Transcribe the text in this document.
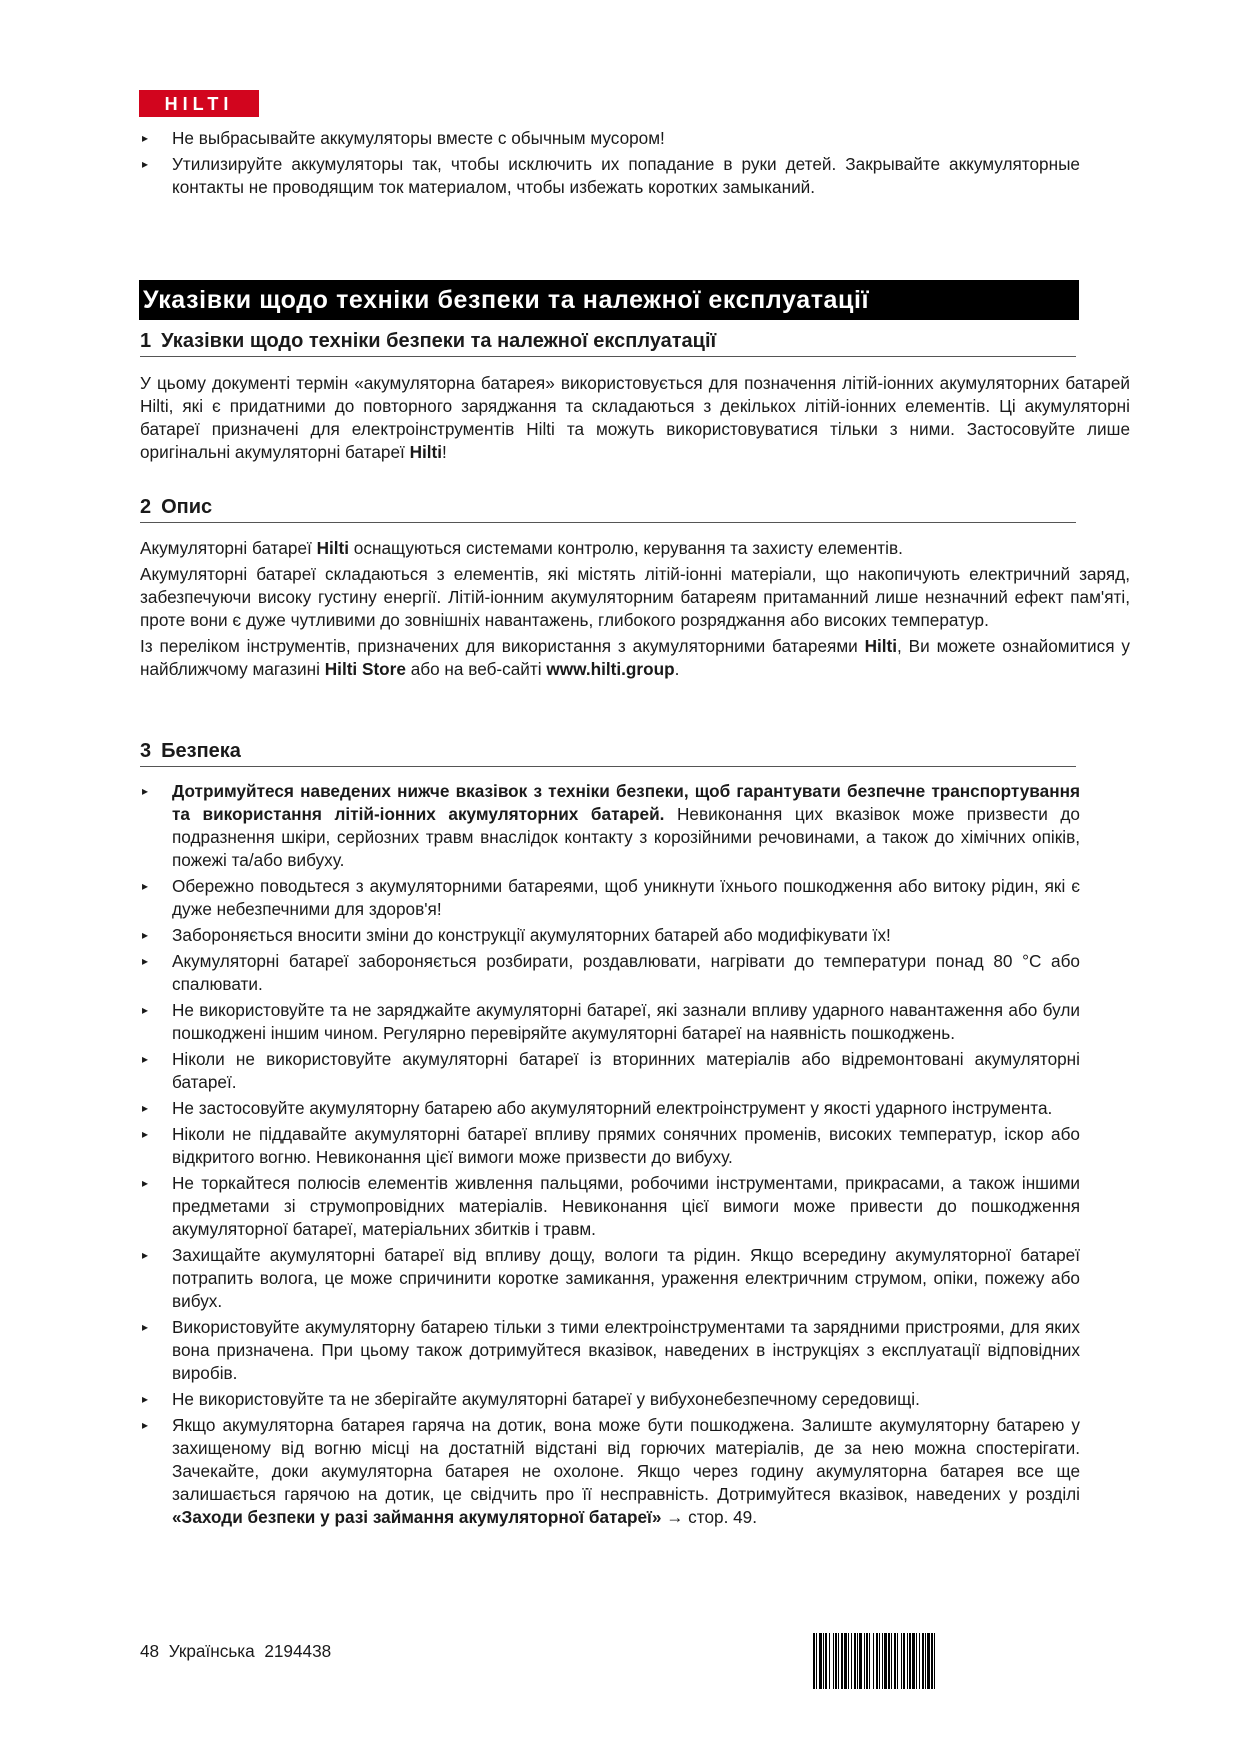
HILTI
▸ Не выбрасывайте аккумуляторы вместе с обычным мусором!
▸ Утилизируйте аккумуляторы так, чтобы исключить их попадание в руки детей. Закрывайте аккумуляторные контакты не проводящим ток материалом, чтобы избежать коротких замыканий.
Указівки щодо техніки безпеки та належної експлуатації
1 Указівки щодо техніки безпеки та належної експлуатації

У цьому документі термін «акумуляторна батарея» використовується для позначення літій-іонних акумуляторних батарей Hilti, які є придатними до повторного заряджання та складаються з декількох літій-іонних елементів. Ці акумуляторні батареї призначені для електроінструментів Hilti та можуть використовуватися тільки з ними. Застосовуйте лише оригінальні акумуляторні батареї Hilti!

2 Опис

Акумуляторні батареї Hilti оснащуються системами контролю, керування та захисту елементів.

Акумуляторні батареї складаються з елементів, які містять літій-іонні матеріали, що накопичують електричний заряд, забезпечуючи високу густину енергії. Літій-іонним акумуляторним батареям притаманний лише незначний ефект пам'яті, проте вони є дуже чутливими до зовнішніх навантажень, глибокого розряджання або високих температур.

Із переліком інструментів, призначених для використання з акумуляторними батареями Hilti, Ви можете ознайомитися у найближчому магазині Hilti Store або на веб-сайті www.hilti.group.

3 Безпека
▸ Дотримуйтеся наведених нижче вказівок з техніки безпеки, щоб гарантувати безпечне транспортування та використання літій-іонних акумуляторних батарей. Невиконання цих вказівок може призвести до подразнення шкіри, серйозних травм внаслідок контакту з корозійними речовинами, а також до хімічних опіків, пожежі та/або вибуху.
▸ Обережно поводьтеся з акумуляторними батареями, щоб уникнути їхнього пошкодження або витоку рідин, які є дуже небезпечними для здоров'я!
▸ Забороняється вносити зміни до конструкції акумуляторних батарей або модифікувати їх!
▸ Акумуляторні батареї забороняється розбирати, роздавлювати, нагрівати до температури понад 80 °C або спалювати.
▸ Не використовуйте та не заряджайте акумуляторні батареї, які зазнали впливу ударного навантаження або були пошкоджені іншим чином. Регулярно перевіряйте акумуляторні батареї на наявність пошкоджень.
▸ Ніколи не використовуйте акумуляторні батареї із вторинних матеріалів або відремонтовані акумуляторні батареї.
▸ Не застосовуйте акумуляторну батарею або акумуляторний електроінструмент у якості ударного інструмента.
▸ Ніколи не піддавайте акумуляторні батареї впливу прямих сонячних променів, високих температур, іскор або відкритого вогню. Невиконання цієї вимоги може призвести до вибуху.
▸ Не торкайтеся полюсів елементів живлення пальцями, робочими інструментами, прикрасами, а також іншими предметами зі струмопровідних матеріалів. Невиконання цієї вимоги може привести до пошкодження акумуляторної батареї, матеріальних збитків і травм.
▸ Захищайте акумуляторні батареї від впливу дощу, вологи та рідин. Якщо всередину акумуляторної батареї потрапить волога, це може спричинити коротке замикання, ураження електричним струмом, опіки, пожежу або вибух.
▸ Використовуйте акумуляторну батарею тільки з тими електроінструментами та зарядними пристроями, для яких вона призначена. При цьому також дотримуйтеся вказівок, наведених в інструкціях з експлуатації відповідних виробів.
▸ Не використовуйте та не зберігайте акумуляторні батареї у вибухонебезпечному середовищі.
▸ Якщо акумуляторна батарея гаряча на дотик, вона може бути пошкоджена. Залиште акумуляторну батарею у захищеному від вогню місці на достатній відстані від горючих матеріалів, де за нею можна спостерігати. Зачекайте, доки акумуляторна батарея не охолоне. Якщо через годину акумуляторна батарея все ще залишається гарячою на дотик, це свідчить про її несправність. Дотримуйтеся вказівок, наведених у розділі «Заходи безпеки у разі займання акумуляторної батареї» → стор. 49.
48 Українська 2194438
